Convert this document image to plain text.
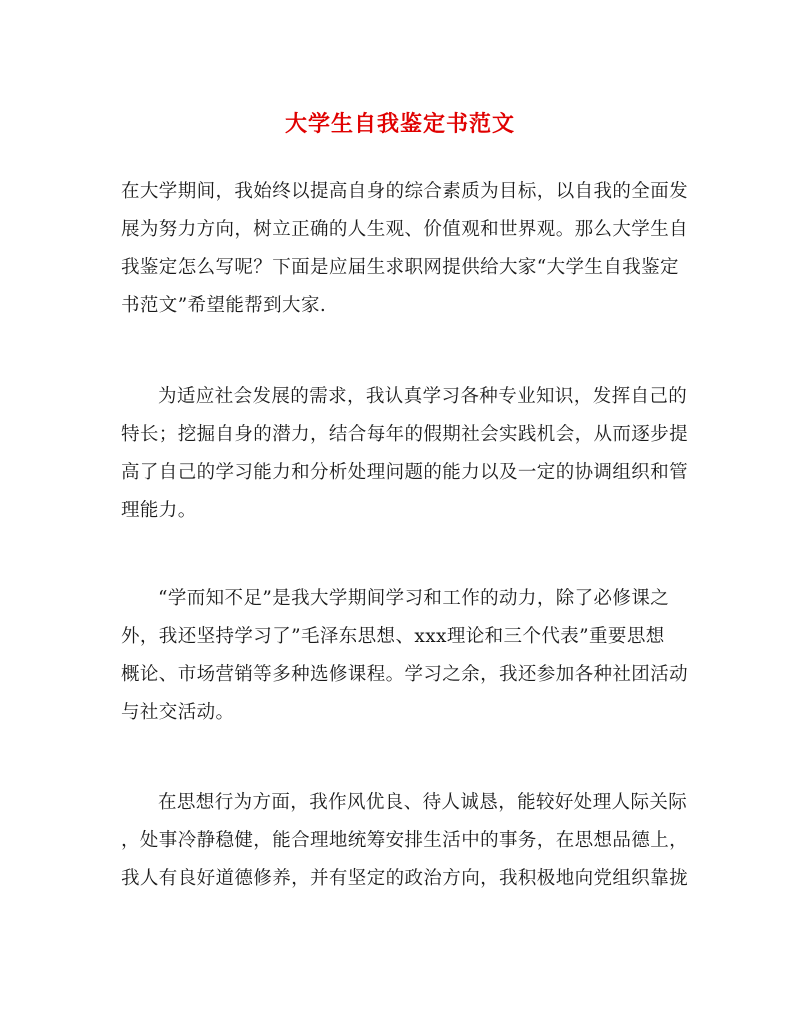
大学生自我鉴定书范文

在大学期间，我始终以提高自身的综合素质为目标，以自我的全面发
展为努力方向，树立正确的人生观、价值观和世界观。那么大学生自
我鉴定怎么写呢？下面是应届生求职网提供给大家“大学生自我鉴定
书范文”希望能帮到大家.

为适应社会发展的需求，我认真学习各种专业知识，发挥自己的
特长；挖掘自身的潜力，结合每年的假期社会实践机会，从而逐步提
高了自己的学习能力和分析处理问题的能力以及一定的协调组织和管
理能力。

“学而知不足”是我大学期间学习和工作的动力，除了必修课之
外，我还坚持学习了”毛泽东思想、xxx理论和三个代表”重要思想
概论、市场营销等多种选修课程。学习之余，我还参加各种社团活动
与社交活动。

在思想行为方面，我作风优良、待人诚恳，能较好处理人际关际
，处事冷静稳健，能合理地统筹安排生活中的事务，在思想品德上，
我人有良好道德修养，并有坚定的政治方向，我积极地向党组织靠拢
